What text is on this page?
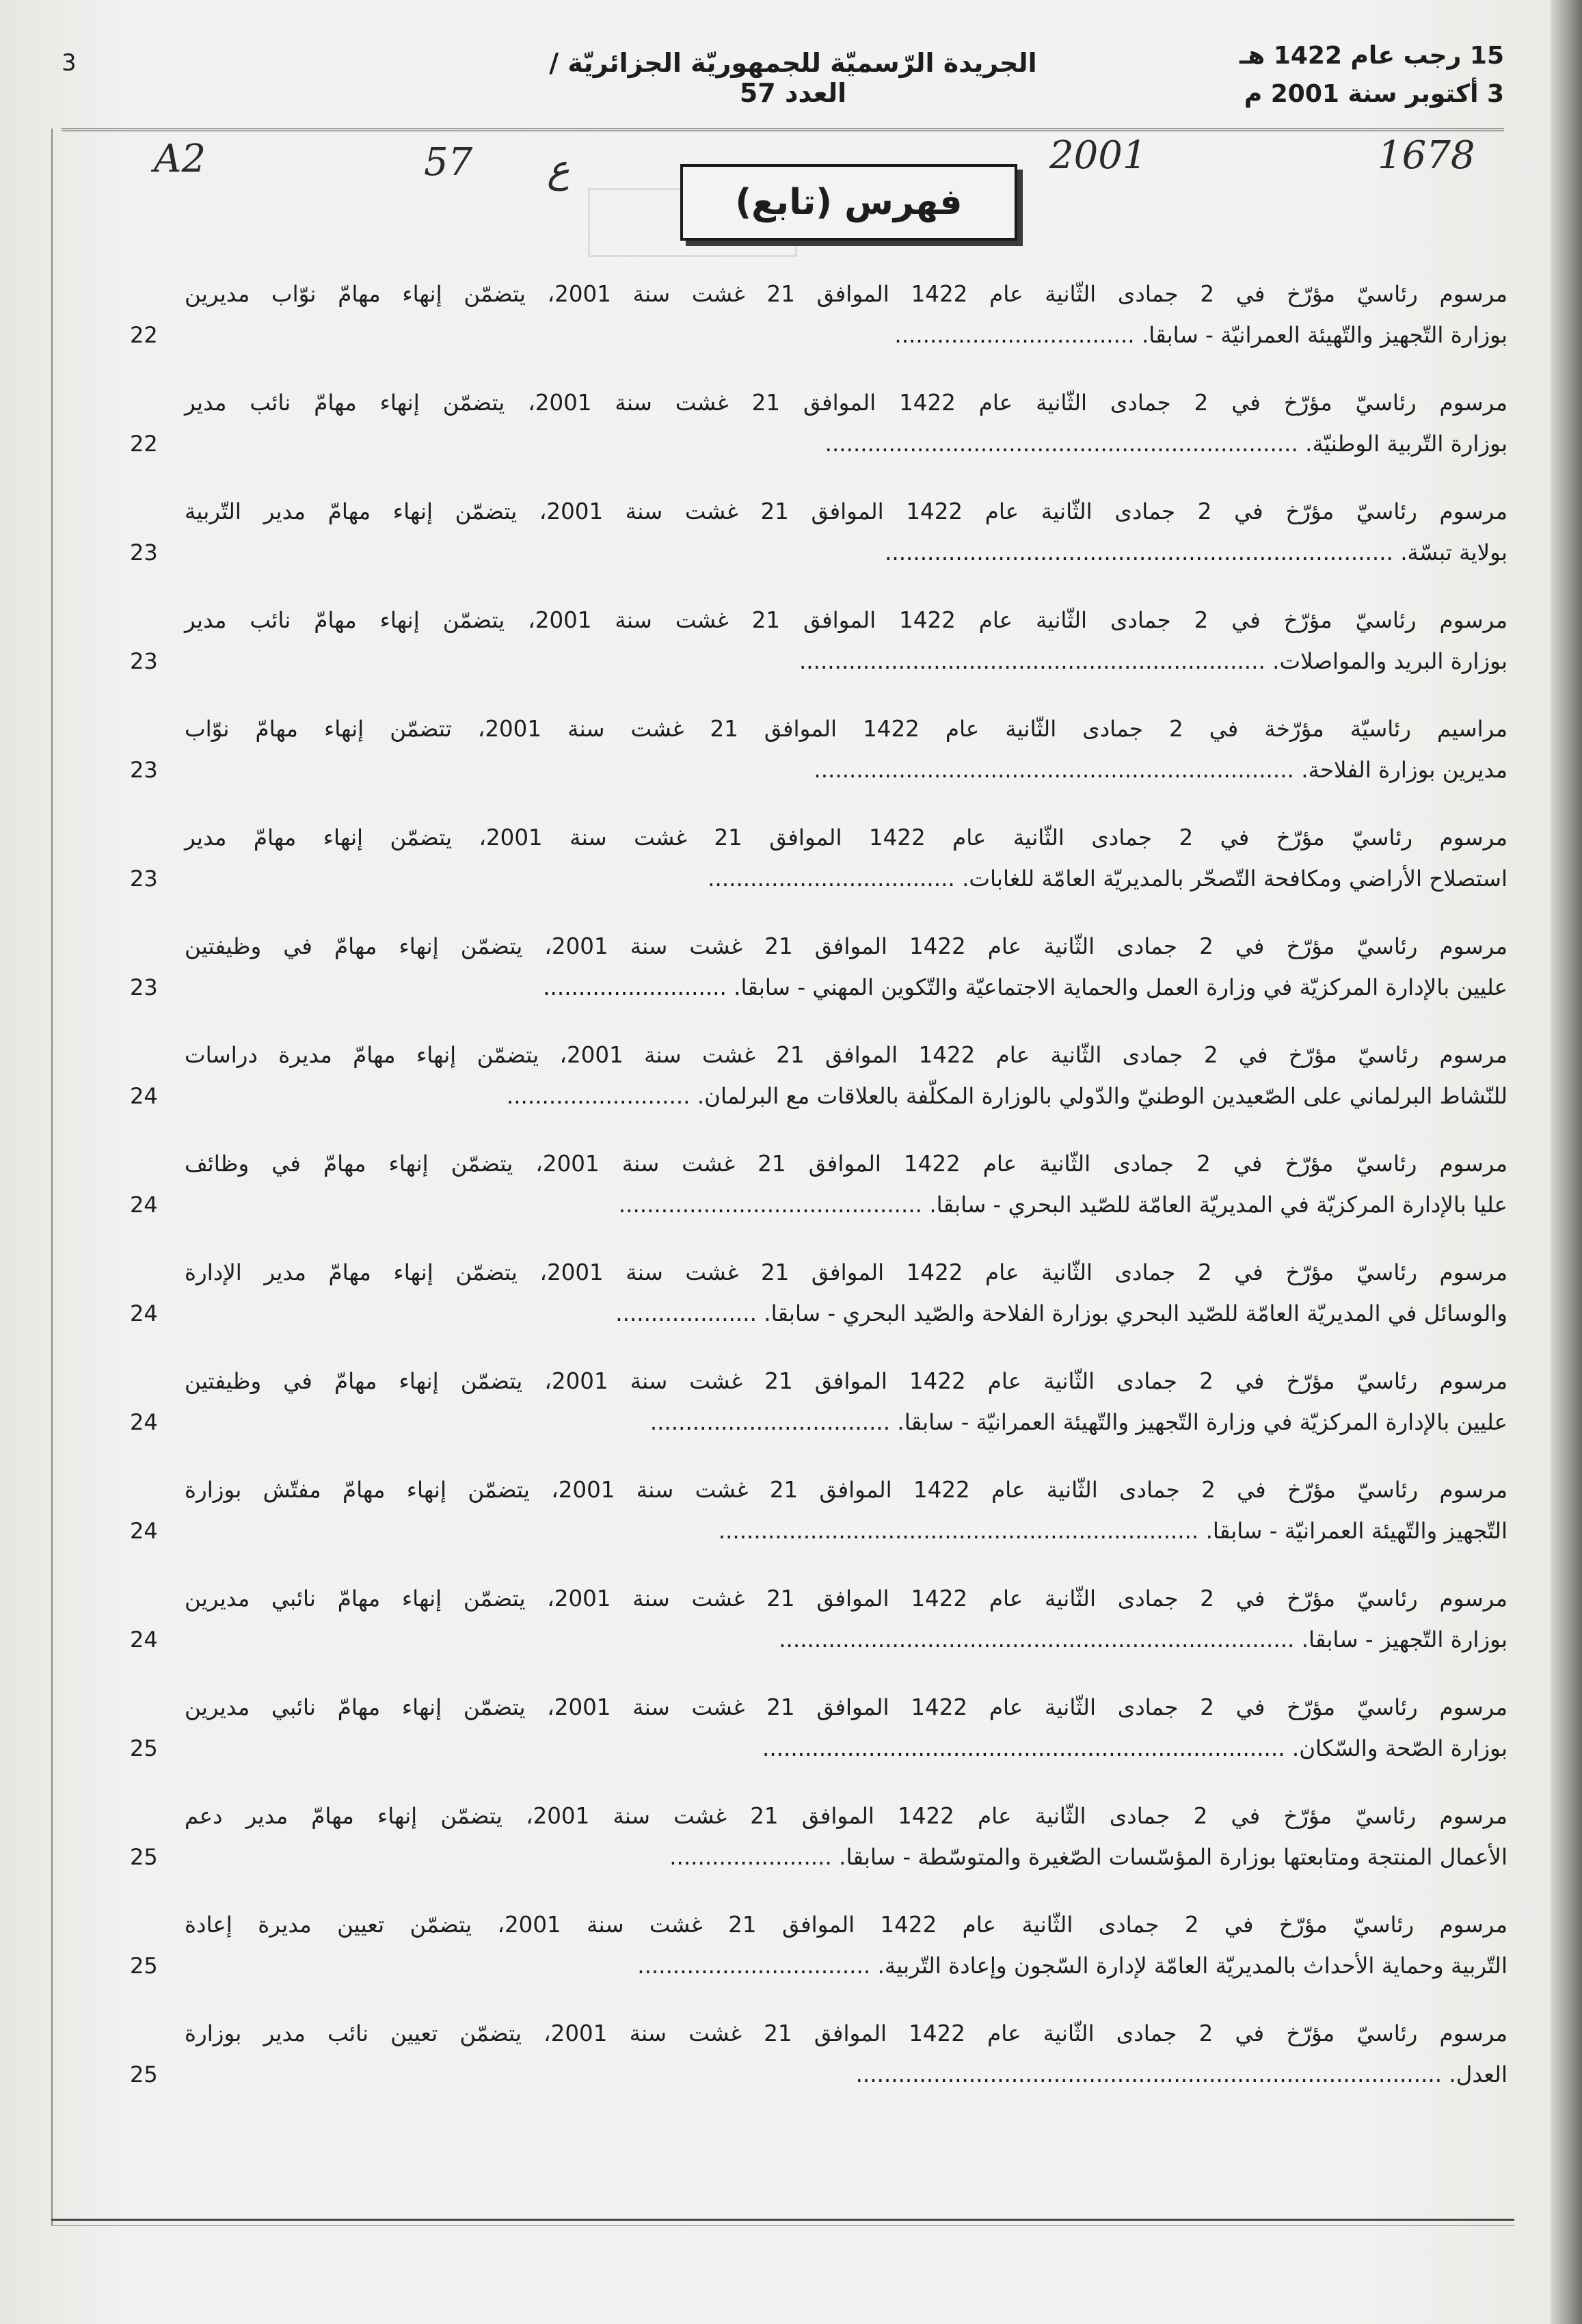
15 رجب عام 1422 هـ
3 أكتوبر سنة 2001 م
الجريدة الرّسميّة للجمهوريّة الجزائريّة / العدد 57
3
A2	57 ع	2001	1678
فهرس (تابع)
مرسوم رئاسيّ مؤرّخ في 2 جمادى الثّانية عام 1422 الموافق 21 غشت سنة 2001، يتضمّن إنهاء مهامّ نوّاب مديرين
بوزارة التّجهيز والتّهيئة العمرانيّة - سابقا. ..................................
22
مرسوم رئاسيّ مؤرّخ في 2 جمادى الثّانية عام 1422 الموافق 21 غشت سنة 2001، يتضمّن إنهاء مهامّ نائب مدير
بوزارة التّربية الوطنيّة. ...................................................................
22
مرسوم رئاسيّ مؤرّخ في 2 جمادى الثّانية عام 1422 الموافق 21 غشت سنة 2001، يتضمّن إنهاء مهامّ مدير التّربية
بولاية تبسّة. ........................................................................
23
مرسوم رئاسيّ مؤرّخ في 2 جمادى الثّانية عام 1422 الموافق 21 غشت سنة 2001، يتضمّن إنهاء مهامّ نائب مدير
بوزارة البريد والمواصلات. ..................................................................
23
مراسيم رئاسيّة مؤرّخة في 2 جمادى الثّانية عام 1422 الموافق 21 غشت سنة 2001، تتضمّن إنهاء مهامّ نوّاب
مديرين بوزارة الفلاحة. ....................................................................
23
مرسوم رئاسيّ مؤرّخ في 2 جمادى الثّانية عام 1422 الموافق 21 غشت سنة 2001، يتضمّن إنهاء مهامّ مدير
استصلاح الأراضي ومكافحة التّصحّر بالمديريّة العامّة للغابات. ...................................
23
مرسوم رئاسيّ مؤرّخ في 2 جمادى الثّانية عام 1422 الموافق 21 غشت سنة 2001، يتضمّن إنهاء مهامّ في وظيفتين
عليين بالإدارة المركزيّة في وزارة العمل والحماية الاجتماعيّة والتّكوين المهني - سابقا. ..........................
23
مرسوم رئاسيّ مؤرّخ في 2 جمادى الثّانية عام 1422 الموافق 21 غشت سنة 2001، يتضمّن إنهاء مهامّ مديرة دراسات
للنّشاط البرلماني على الصّعيدين الوطنيّ والدّولي بالوزارة المكلّفة بالعلاقات مع البرلمان. ..........................
24
مرسوم رئاسيّ مؤرّخ في 2 جمادى الثّانية عام 1422 الموافق 21 غشت سنة 2001، يتضمّن إنهاء مهامّ في وظائف
عليا بالإدارة المركزيّة في المديريّة العامّة للصّيد البحري - سابقا. ...........................................
24
مرسوم رئاسيّ مؤرّخ في 2 جمادى الثّانية عام 1422 الموافق 21 غشت سنة 2001، يتضمّن إنهاء مهامّ مدير الإدارة
والوسائل في المديريّة العامّة للصّيد البحري بوزارة الفلاحة والصّيد البحري - سابقا. ....................
24
مرسوم رئاسيّ مؤرّخ في 2 جمادى الثّانية عام 1422 الموافق 21 غشت سنة 2001، يتضمّن إنهاء مهامّ في وظيفتين
عليين بالإدارة المركزيّة في وزارة التّجهيز والتّهيئة العمرانيّة - سابقا. ..................................
24
مرسوم رئاسيّ مؤرّخ في 2 جمادى الثّانية عام 1422 الموافق 21 غشت سنة 2001، يتضمّن إنهاء مهامّ مفتّش بوزارة
التّجهيز والتّهيئة العمرانيّة - سابقا. ....................................................................
24
مرسوم رئاسيّ مؤرّخ في 2 جمادى الثّانية عام 1422 الموافق 21 غشت سنة 2001، يتضمّن إنهاء مهامّ نائبي مديرين
بوزارة التّجهيز - سابقا. .........................................................................
24
مرسوم رئاسيّ مؤرّخ في 2 جمادى الثّانية عام 1422 الموافق 21 غشت سنة 2001، يتضمّن إنهاء مهامّ نائبي مديرين
بوزارة الصّحة والسّكان. ..........................................................................
25
مرسوم رئاسيّ مؤرّخ في 2 جمادى الثّانية عام 1422 الموافق 21 غشت سنة 2001، يتضمّن إنهاء مهامّ مدير دعم
الأعمال المنتجة ومتابعتها بوزارة المؤسّسات الصّغيرة والمتوسّطة - سابقا. .......................
25
مرسوم رئاسيّ مؤرّخ في 2 جمادى الثّانية عام 1422 الموافق 21 غشت سنة 2001، يتضمّن تعيين مديرة إعادة
التّربية وحماية الأحداث بالمديريّة العامّة لإدارة السّجون وإعادة التّربية. .................................
25
مرسوم رئاسيّ مؤرّخ في 2 جمادى الثّانية عام 1422 الموافق 21 غشت سنة 2001، يتضمّن تعيين نائب مدير بوزارة
العدل. ...................................................................................
25
